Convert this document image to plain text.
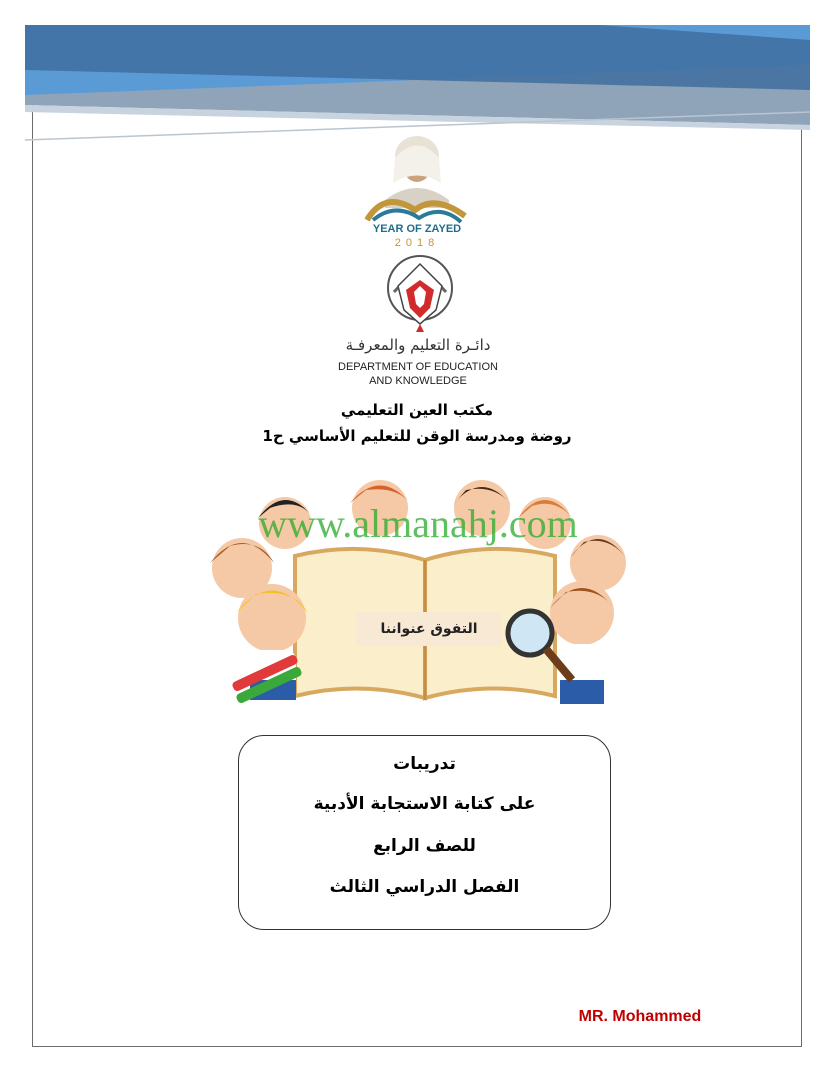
YEAR OF ZAYED
2018
دائـرة التعليم والمعرفـة
DEPARTMENT OF EDUCATION
AND KNOWLEDGE
مكتب العين التعليمي
روضة ومدرسة الوقن للتعليم الأساسي ح1
www.almanahj.com
التفوق عنواننا
تدريبات
على كتابة الاستجابة الأدبية
للصف الرابع
الفصل الدراسي الثالث
MR. Mohammed
